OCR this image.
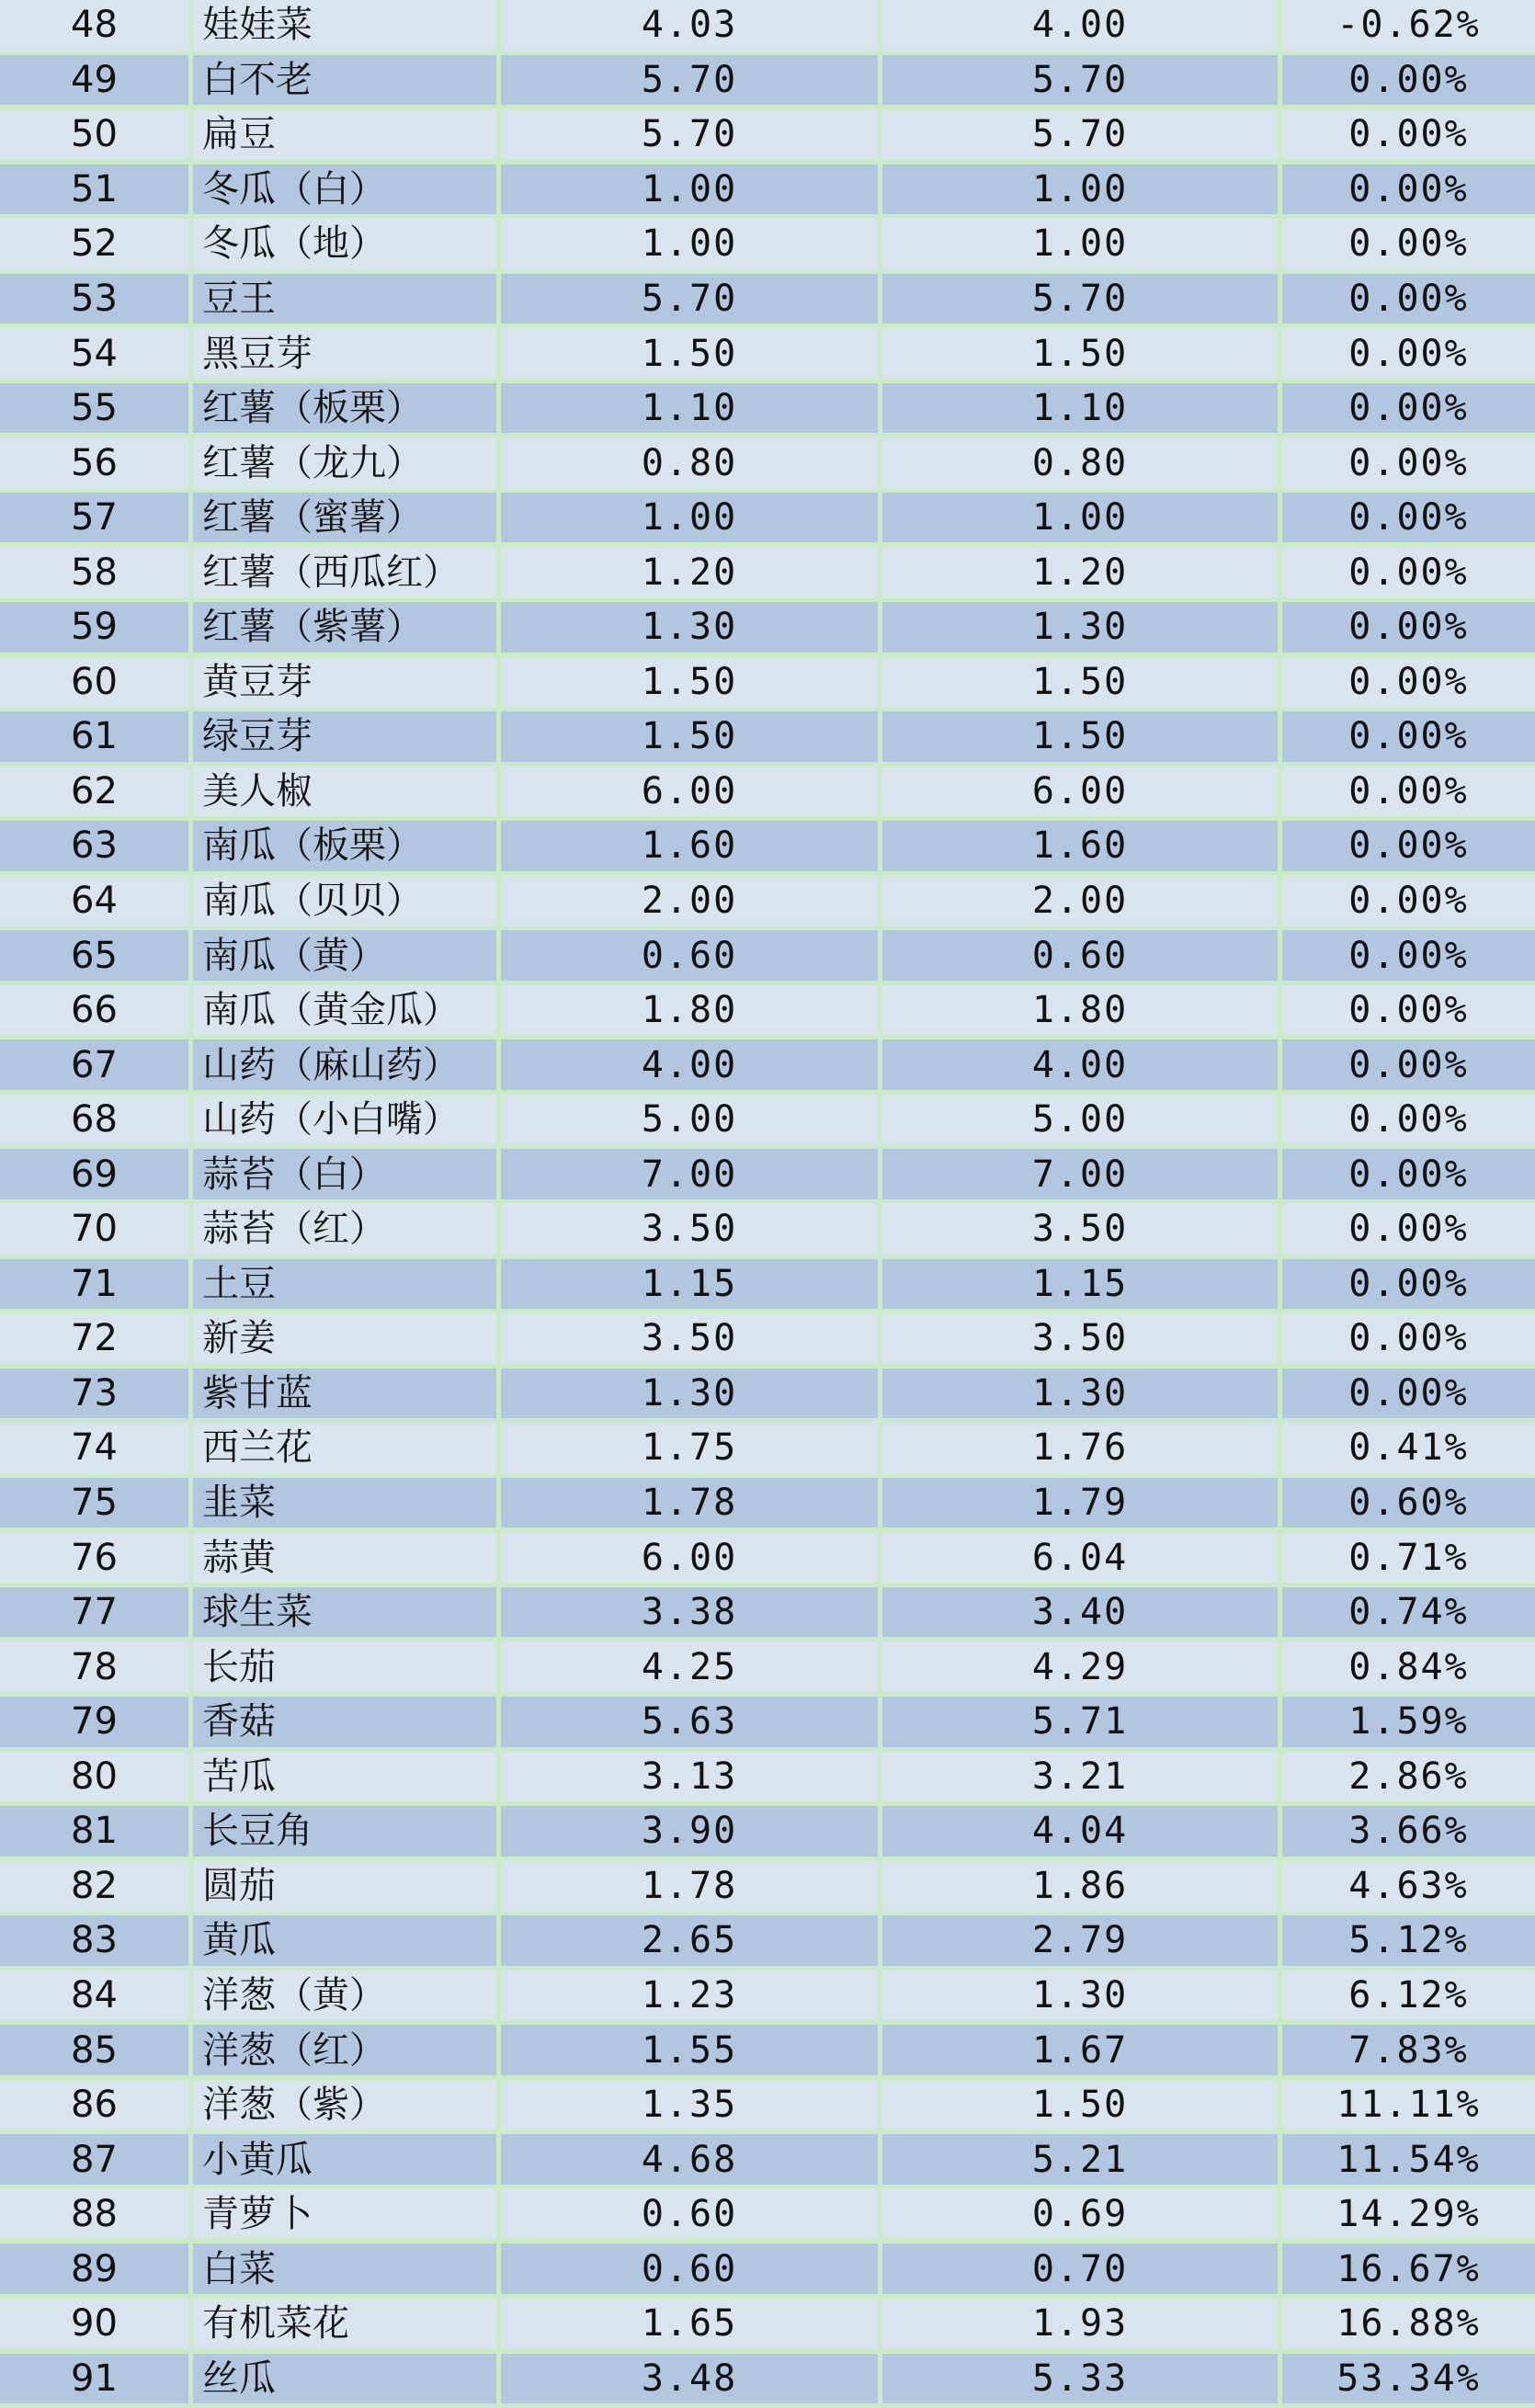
48	娃娃菜	4.03	4.00	-0.62%
49	白不老	5.70	5.70	0.00%
50	扁豆	5.70	5.70	0.00%
51	冬瓜（白）	1.00	1.00	0.00%
52	冬瓜（地）	1.00	1.00	0.00%
53	豆王	5.70	5.70	0.00%
54	黑豆芽	1.50	1.50	0.00%
55	红薯（板栗）	1.10	1.10	0.00%
56	红薯（龙九）	0.80	0.80	0.00%
57	红薯（蜜薯）	1.00	1.00	0.00%
58	红薯（西瓜红）	1.20	1.20	0.00%
59	红薯（紫薯）	1.30	1.30	0.00%
60	黄豆芽	1.50	1.50	0.00%
61	绿豆芽	1.50	1.50	0.00%
62	美人椒	6.00	6.00	0.00%
63	南瓜（板栗）	1.60	1.60	0.00%
64	南瓜（贝贝）	2.00	2.00	0.00%
65	南瓜（黄）	0.60	0.60	0.00%
66	南瓜（黄金瓜）	1.80	1.80	0.00%
67	山药（麻山药）	4.00	4.00	0.00%
68	山药（小白嘴）	5.00	5.00	0.00%
69	蒜苔（白）	7.00	7.00	0.00%
70	蒜苔（红）	3.50	3.50	0.00%
71	土豆	1.15	1.15	0.00%
72	新姜	3.50	3.50	0.00%
73	紫甘蓝	1.30	1.30	0.00%
74	西兰花	1.75	1.76	0.41%
75	韭菜	1.78	1.79	0.60%
76	蒜黄	6.00	6.04	0.71%
77	球生菜	3.38	3.40	0.74%
78	长茄	4.25	4.29	0.84%
79	香菇	5.63	5.71	1.59%
80	苦瓜	3.13	3.21	2.86%
81	长豆角	3.90	4.04	3.66%
82	圆茄	1.78	1.86	4.63%
83	黄瓜	2.65	2.79	5.12%
84	洋葱（黄）	1.23	1.30	6.12%
85	洋葱（红）	1.55	1.67	7.83%
86	洋葱（紫）	1.35	1.50	11.11%
87	小黄瓜	4.68	5.21	11.54%
88	青萝卜	0.60	0.69	14.29%
89	白菜	0.60	0.70	16.67%
90	有机菜花	1.65	1.93	16.88%
91	丝瓜	3.48	5.33	53.34%
